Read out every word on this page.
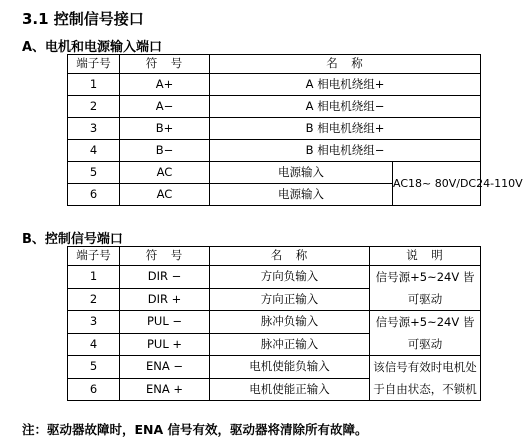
3.1 控制信号接口
A、电机和电源输入端口
端子号	符　号	名　称	
1	A+	A 相电机绕组+	
2	A−	A 相电机绕组−	
3	B+	B 相电机绕组+	
4	B−	B 相电机绕组−	
5	AC	电源输入	AC18~ 80V/DC24-110V
6	AC	电源输入	
B、控制信号端口
端子号	符　号	名　称	说　明
1	DIR −	方向负输入	信号源+5~24V 皆可驱动
2	DIR +	方向正输入	
3	PUL −	脉冲负输入	信号源+5~24V 皆可驱动
4	PUL +	脉冲正输入	
5	ENA −	电机使能负输入	该信号有效时电机处于自由状态，不锁机
6	ENA +	电机使能正输入	
注：驱动器故障时，ENA 信号有效，驱动器将清除所有故障。
